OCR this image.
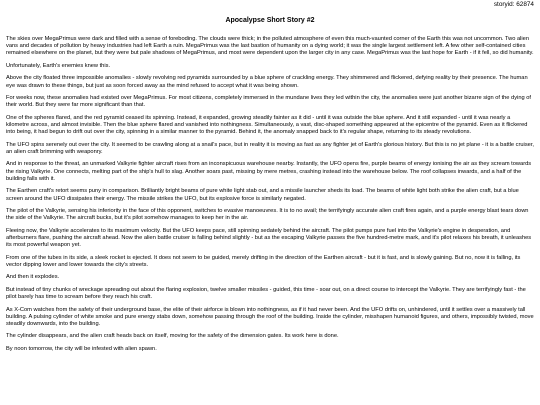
storyid: 62874
Apocalypse Short Story #2

The skies over MegaPrimus were dark and filled with a sense of foreboding. The clouds were thick; in the polluted atmosphere of even this much-vaunted corner of the Earth this was not uncommon. Two alien vans and decades of pollution by heavy industries had left Earth a ruin. MegaPrimus was the last bastion of humanity on a dying world; it was the single largest settlement left. A few other self-contained cities remained elsewhere on the planet, but they were but pale shadows of MegaPrimus, and most were dependent upon the larger city in any case. MegaPrimus was the last hope for Earth - if it fell, so did humanity.

Unfortunately, Earth's enemies knew this.

Above the city floated three impossible anomalies - slowly revolving red pyramids surrounded by a blue sphere of crackling energy. They shimmered and flickered, defying reality by their presence. The human eye was drawn to these things, but just as soon forced away as the mind refused to accept what it was being shown.

For weeks now, these anomalies had existed over MegaPrimus. For most citizens, completely immersed in the mundane lives they led within the city, the anomalies were just another bizarre sign of the dying of their world. But they were far more significant than that.

One of the spheres flared, and the red pyramid ceased its spinning. Instead, it expanded, growing steadily fainter as it did - until it was outside the blue sphere. And it still expanded - until it was nearly a kilometre across, and almost invisible. Then the blue sphere flared and vanished into nothingness. Simultaneously, a vast, disc-shaped something appeared at the epicentre of the pyramid. Even as it flickered into being, it had begun to drift out over the city, spinning in a similar manner to the pyramid. Behind it, the anomaly snapped back to it's regular shape, returning to its steady revolutions.

The UFO spins serenely out over the city. It seemed to be crawling along at a snail's pace, but in reality it is moving as fast as any fighter jet of Earth's glorious history. But this is no jet plane - it is a battle cruiser, an alien craft brimming with weaponry.

And in response to the threat, an unmarked Valkyrie fighter aircraft rises from an inconspicuous warehouse nearby. Instantly, the UFO opens fire, purple beams of energy ionising the air as they scream towards the rising Valkyrie. One connects, melting part of the ship's hull to slag. Another soars past, missing by mere metres, crashing instead into the warehouse below. The roof collapses inwards, and a half of the building falls with it.

The Earthen craft's retort seems puny in comparison. Brilliantly bright beams of pure white light stab out, and a missile launcher sheds its load. The beams of white light both strike the alien craft, but a blue screen around the UFO dissipates their energy. The missile strikes the UFO, but its explosive force is similarly negated.

The pilot of the Valkyrie, sensing his inferiority in the face of this opponent, switches to evasive manoeuvres. It is to no avail; the terrifyingly accurate alien craft fires again, and a purple energy blast tears down the side of the Valkyrie. The aircraft bucks, but it's pilot somehow manages to keep her in the air.

Fleeing now, the Valkyrie accelerates to its maximum velocity. But the UFO keeps pace, still spinning sedately behind the aircraft. The pilot pumps pure fuel into the Valkyrie's engine in desperation, and afterburners flare, pushing the aircraft ahead. Now the alien battle cruiser is falling behind slightly - but as the escaping Valkyrie passes the five hundred-metre mark, and it's pilot relaxes his breath, it unleashes its most powerful weapon yet.

From one of the tubes in its side, a sleek rocket is ejected. It does not seem to be guided, merely drifting in the direction of the Earthen aircraft - but it is fast, and is slowly gaining. But no, now it is falling, its vector dipping lower and lower towards the city's streets.

And then it explodes.

But instead of tiny chunks of wreckage spreading out about the flaring explosion, twelve smaller missiles - guided, this time - soar out, on a direct course to intercept the Valkyrie. They are terrifyingly fast - the pilot barely has time to scream before they reach his craft.

As X-Com watches from the safety of their underground base, the elite of their airforce is blown into nothingness, as if it had never been. And the UFO drifts on, unhindered, until it settles over a massively tall building. A pulsing cylinder of white smoke and pure energy stabs down, somehow passing through the roof of the building. Inside the cylinder, misshapen humanoid figures, and others, impossibly twisted, move steadily downwards, into the building.

The cylinder disappears, and the alien craft heads back on itself, moving for the safety of the dimension gates. Its work here is done.

By noon tomorrow, the city will be infested with alien spawn.
